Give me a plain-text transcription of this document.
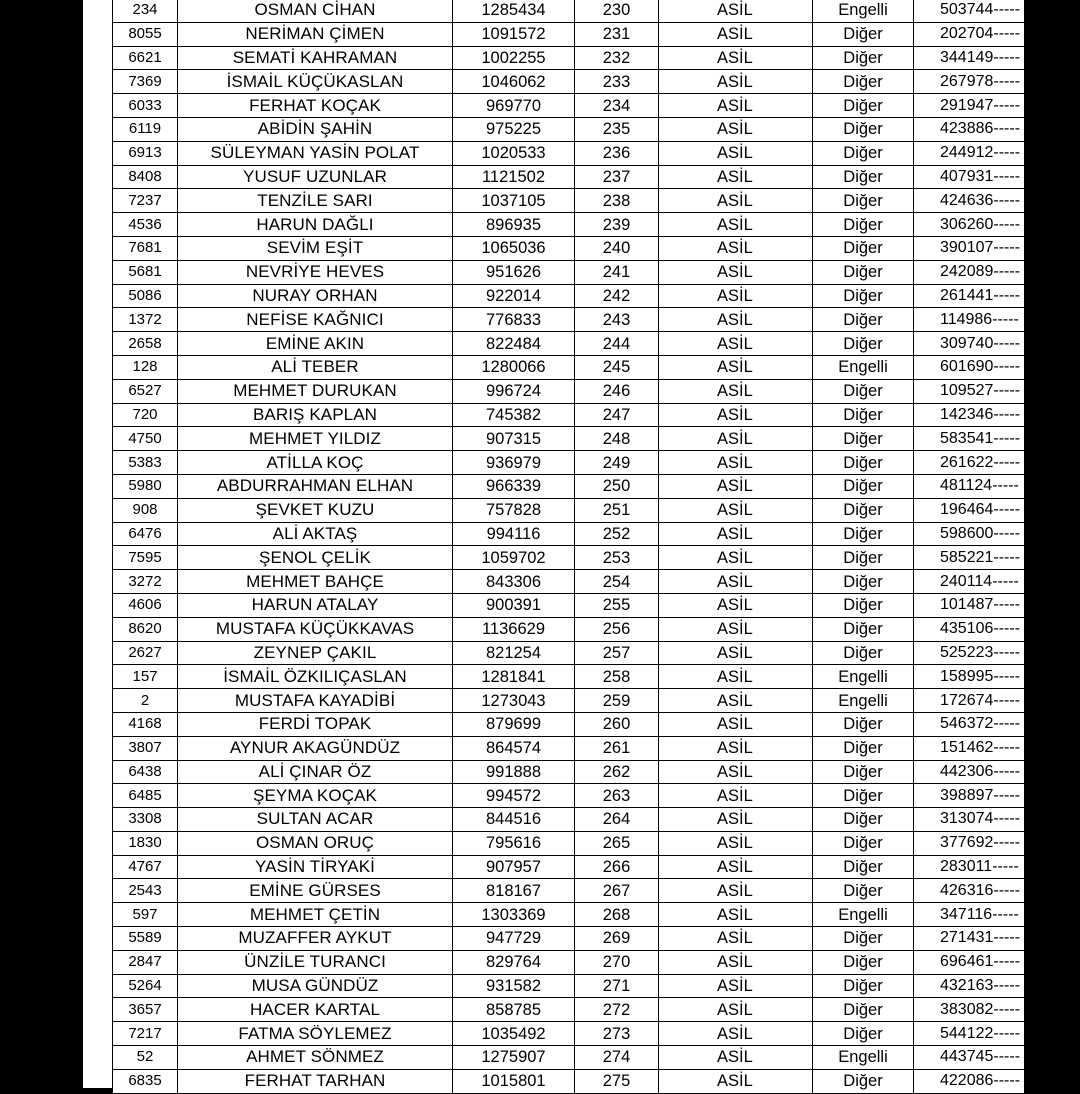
234	OSMAN CİHAN	1285434	230	ASİL	Engelli	503744-----
8055	NERİMAN ÇİMEN	1091572	231	ASİL	Diğer	202704-----
6621	SEMATİ KAHRAMAN	1002255	232	ASİL	Diğer	344149-----
7369	İSMAİL KÜÇÜKASLAN	1046062	233	ASİL	Diğer	267978-----
6033	FERHAT KOÇAK	969770	234	ASİL	Diğer	291947-----
6119	ABİDİN ŞAHİN	975225	235	ASİL	Diğer	423886-----
6913	SÜLEYMAN YASİN POLAT	1020533	236	ASİL	Diğer	244912-----
8408	YUSUF UZUNLAR	1121502	237	ASİL	Diğer	407931-----
7237	TENZİLE SARI	1037105	238	ASİL	Diğer	424636-----
4536	HARUN DAĞLI	896935	239	ASİL	Diğer	306260-----
7681	SEVİM EŞİT	1065036	240	ASİL	Diğer	390107-----
5681	NEVRİYE HEVES	951626	241	ASİL	Diğer	242089-----
5086	NURAY ORHAN	922014	242	ASİL	Diğer	261441-----
1372	NEFİSE KAĞNICI	776833	243	ASİL	Diğer	114986-----
2658	EMİNE AKIN	822484	244	ASİL	Diğer	309740-----
128	ALİ TEBER	1280066	245	ASİL	Engelli	601690-----
6527	MEHMET DURUKAN	996724	246	ASİL	Diğer	109527-----
720	BARIŞ KAPLAN	745382	247	ASİL	Diğer	142346-----
4750	MEHMET YILDIZ	907315	248	ASİL	Diğer	583541-----
5383	ATİLLA KOÇ	936979	249	ASİL	Diğer	261622-----
5980	ABDURRAHMAN ELHAN	966339	250	ASİL	Diğer	481124-----
908	ŞEVKET KUZU	757828	251	ASİL	Diğer	196464-----
6476	ALİ AKTAŞ	994116	252	ASİL	Diğer	598600-----
7595	ŞENOL ÇELİK	1059702	253	ASİL	Diğer	585221-----
3272	MEHMET BAHÇE	843306	254	ASİL	Diğer	240114-----
4606	HARUN ATALAY	900391	255	ASİL	Diğer	101487-----
8620	MUSTAFA KÜÇÜKKAVAS	1136629	256	ASİL	Diğer	435106-----
2627	ZEYNEP ÇAKIL	821254	257	ASİL	Diğer	525223-----
157	İSMAİL ÖZKILIÇASLAN	1281841	258	ASİL	Engelli	158995-----
2	MUSTAFA KAYADİBİ	1273043	259	ASİL	Engelli	172674-----
4168	FERDİ TOPAK	879699	260	ASİL	Diğer	546372-----
3807	AYNUR AKAGÜNDÜZ	864574	261	ASİL	Diğer	151462-----
6438	ALİ ÇINAR ÖZ	991888	262	ASİL	Diğer	442306-----
6485	ŞEYMA KOÇAK	994572	263	ASİL	Diğer	398897-----
3308	SULTAN ACAR	844516	264	ASİL	Diğer	313074-----
1830	OSMAN ORUÇ	795616	265	ASİL	Diğer	377692-----
4767	YASİN TİRYAKİ	907957	266	ASİL	Diğer	283011-----
2543	EMİNE GÜRSES	818167	267	ASİL	Diğer	426316-----
597	MEHMET ÇETİN	1303369	268	ASİL	Engelli	347116-----
5589	MUZAFFER AYKUT	947729	269	ASİL	Diğer	271431-----
2847	ÜNZİLE TURANCI	829764	270	ASİL	Diğer	696461-----
5264	MUSA GÜNDÜZ	931582	271	ASİL	Diğer	432163-----
3657	HACER KARTAL	858785	272	ASİL	Diğer	383082-----
7217	FATMA SÖYLEMEZ	1035492	273	ASİL	Diğer	544122-----
52	AHMET SÖNMEZ	1275907	274	ASİL	Engelli	443745-----
6835	FERHAT TARHAN	1015801	275	ASİL	Diğer	422086-----
